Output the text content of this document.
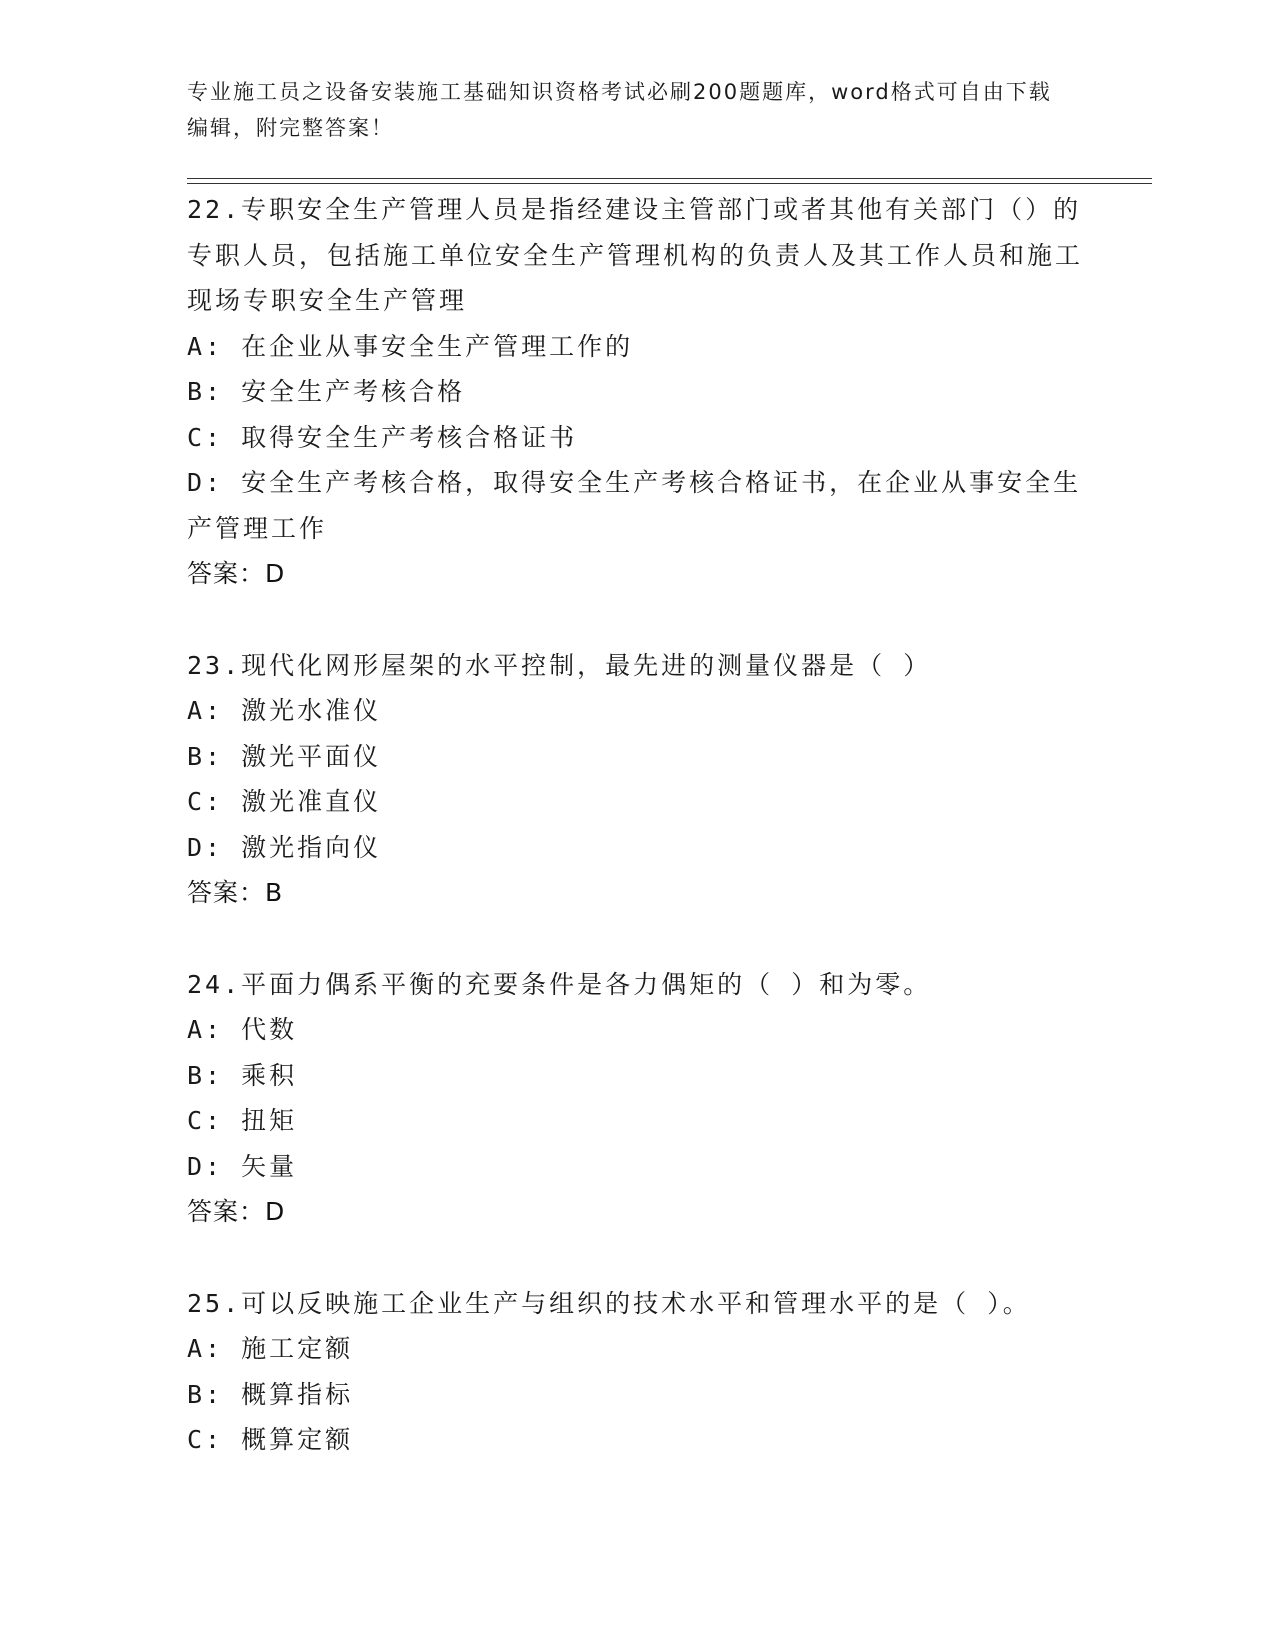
专业施工员之设备安装施工基础知识资格考试必刷200题题库，word格式可自由下载编辑，附完整答案！
22.专职安全生产管理人员是指经建设主管部门或者其他有关部门（）的专职人员，包括施工单位安全生产管理机构的负责人及其工作人员和施工现场专职安全生产管理
A: 在企业从事安全生产管理工作的
B: 安全生产考核合格
C: 取得安全生产考核合格证书
D: 安全生产考核合格，取得安全生产考核合格证书，在企业从事安全生产管理工作
答案：D
23.现代化网形屋架的水平控制，最先进的测量仪器是（ ）
A: 激光水准仪
B: 激光平面仪
C: 激光准直仪
D: 激光指向仪
答案：B
24.平面力偶系平衡的充要条件是各力偶矩的（ ）和为零。
A: 代数
B: 乘积
C: 扭矩
D: 矢量
答案：D
25.可以反映施工企业生产与组织的技术水平和管理水平的是（ ）。
A: 施工定额
B: 概算指标
C: 概算定额
